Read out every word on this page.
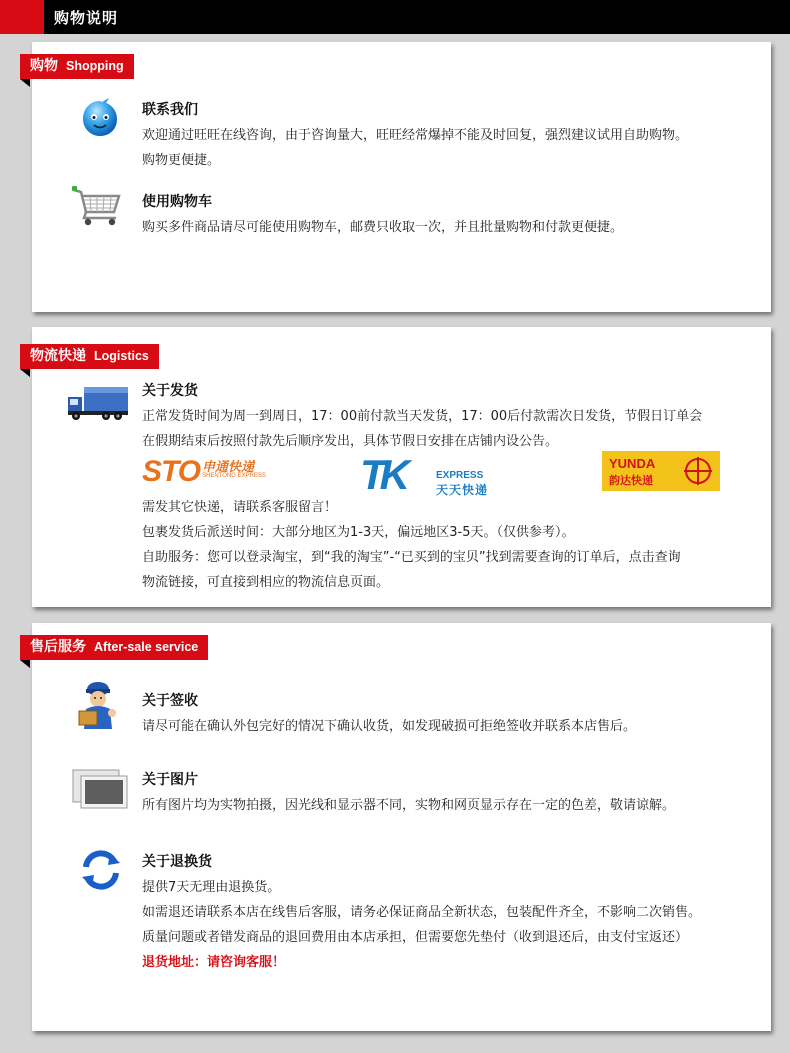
购物说明
购物 Shopping
联系我们
欢迎通过旺旺在线咨询，由于咨询量大，旺旺经常爆掉不能及时回复，强烈建议试用自助购物。
购物更便捷。
使用购物车
购买多件商品请尽可能使用购物车，邮费只收取一次，并且批量购物和付款更便捷。
物流快递 Logistics
关于发货
正常发货时间为周一到周日，17：00前付款当天发货，17：00后付款需次日发货，节假日订单会
在假期结束后按照付款先后顺序发出，具体节假日安排在店铺内设公告。
STO 申通快递
SHENTONG EXPRESS TK	EXPRESS
天天快递
YUNDA
韵达快递
需发其它快递，请联系客服留言！
包裹发货后派送时间：大部分地区为1-3天，偏远地区3-5天。（仅供参考）。
自助服务：您可以登录淘宝，到“我的淘宝”-“已买到的宝贝”找到需要查询的订单后，点击查询
物流链接，可直接到相应的物流信息页面。
售后服务 After-sale service
关于签收
请尽可能在确认外包完好的情况下确认收货，如发现破损可拒绝签收并联系本店售后。
关于图片
所有图片均为实物拍摄，因光线和显示器不同，实物和网页显示存在一定的色差，敬请谅解。
关于退换货
提供7天无理由退换货。
如需退还请联系本店在线售后客服，请务必保证商品全新状态，包装配件齐全，不影响二次销售。
质量问题或者错发商品的退回费用由本店承担，但需要您先垫付（收到退还后，由支付宝返还）
退货地址：请咨询客服！
